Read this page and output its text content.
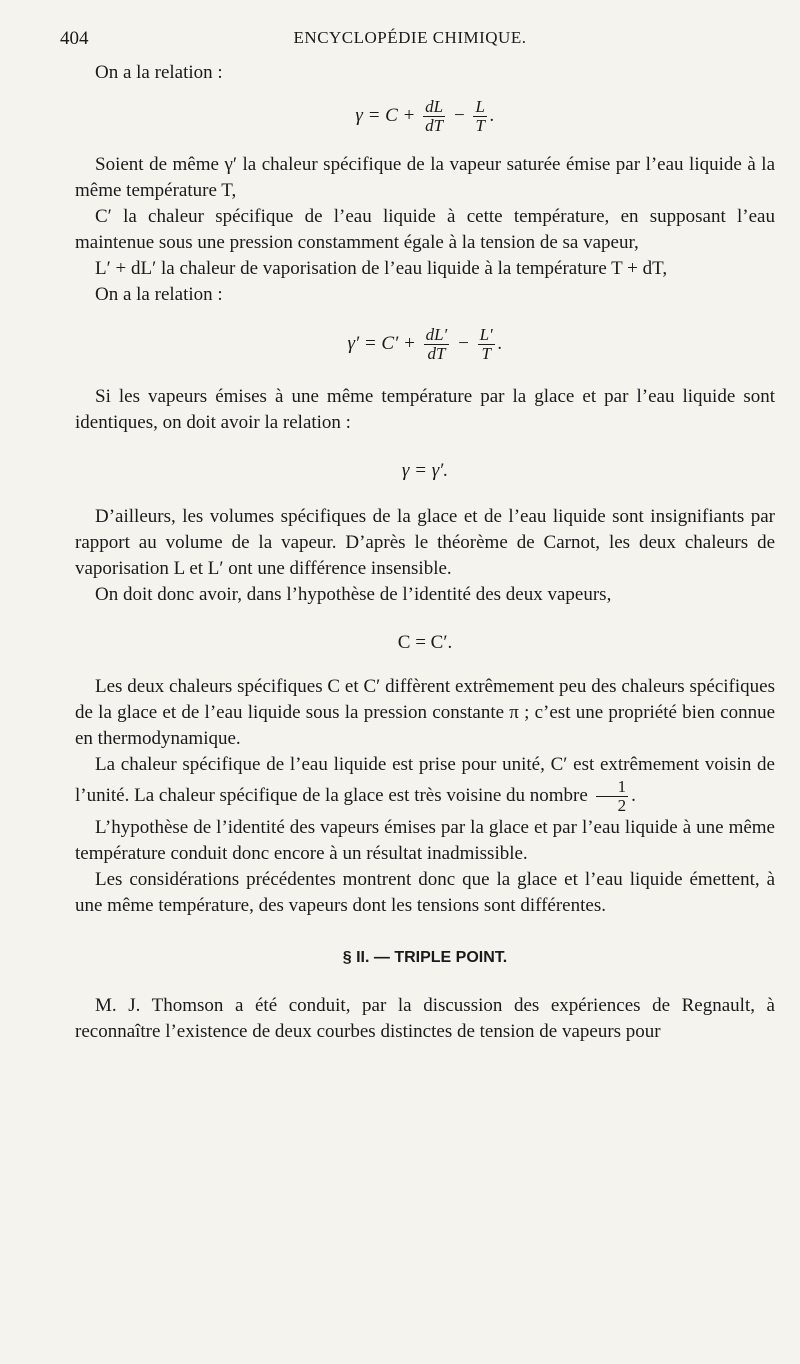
404	ENCYCLOPÉDIE CHIMIQUE.

On a la relation :

$\gamma = C + \frac{dL}{dT} - \frac{L}{T}$ .

Soient de même γ′ la chaleur spécifique de la vapeur saturée émise par l’eau liquide à la même température T,

C′ la chaleur spécifique de l’eau liquide à cette température, en supposant l’eau maintenue sous une pression constamment égale à la tension de sa vapeur,

L′ + dL′ la chaleur de vaporisation de l’eau liquide à la température T + dT,

On a la relation :

$\gamma' = C' + \frac{dL'}{dT} - \frac{L'}{T}$ .

Si les vapeurs émises à une même température par la glace et par l’eau liquide sont identiques, on doit avoir la relation :

γ = γ′.

D’ailleurs, les volumes spécifiques de la glace et de l’eau liquide sont insignifiants par rapport au volume de la vapeur. D’après le théorème de Carnot, les deux chaleurs de vaporisation L et L′ ont une différence insensible.

On doit donc avoir, dans l’hypothèse de l’identité des deux vapeurs,

C = C′.

Les deux chaleurs spécifiques C et C′ diffèrent extrêmement peu des chaleurs spécifiques de la glace et de l’eau liquide sous la pression constante π ; c’est une propriété bien connue en thermodynamique.

La chaleur spécifique de l’eau liquide est prise pour unité, C′ est extrêmement voisin de l’unité. La chaleur spécifique de la glace est très voisine du nombre $\frac{1}{2}$ .

L’hypothèse de l’identité des vapeurs émises par la glace et par l’eau liquide à une même température conduit donc encore à un résultat inadmissible.

Les considérations précédentes montrent donc que la glace et l’eau liquide émettent, à une même température, des vapeurs dont les tensions sont différentes.

§ II. — TRIPLE POINT.

M. J. Thomson a été conduit, par la discussion des expériences de Regnault, à reconnaître l’existence de deux courbes distinctes de tension de vapeurs pour
